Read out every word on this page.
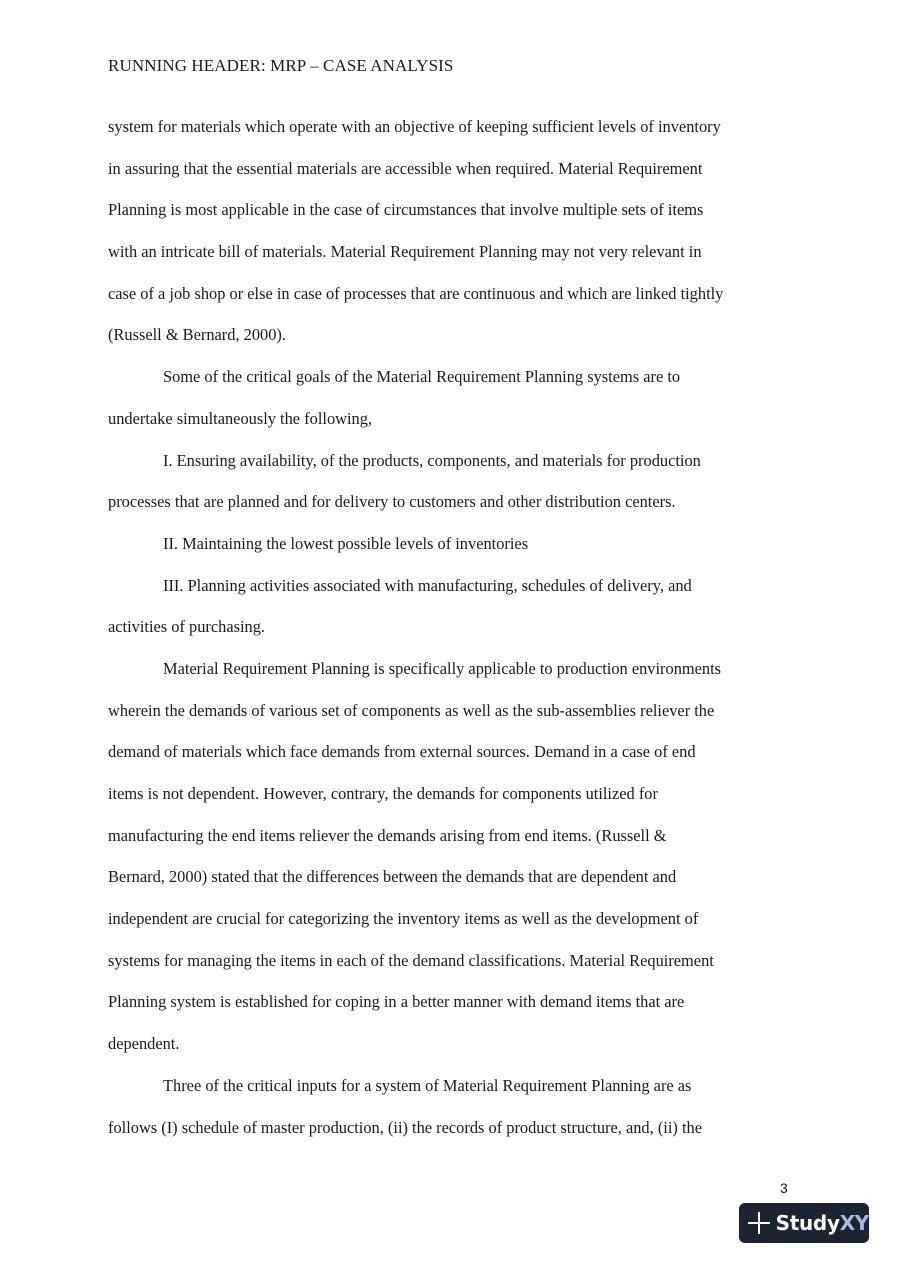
RUNNING HEADER: MRP – CASE ANALYSIS
system for materials which operate with an objective of keeping sufficient levels of inventory
in assuring that the essential materials are accessible when required. Material Requirement
Planning is most applicable in the case of circumstances that involve multiple sets of items
with an intricate bill of materials. Material Requirement Planning may not very relevant in
case of a job shop or else in case of processes that are continuous and which are linked tightly
(Russell & Bernard, 2000).
Some of the critical goals of the Material Requirement Planning systems are to
undertake simultaneously the following,
I. Ensuring availability, of the products, components, and materials for production
processes that are planned and for delivery to customers and other distribution centers.
II. Maintaining the lowest possible levels of inventories
III. Planning activities associated with manufacturing, schedules of delivery, and
activities of purchasing.
Material Requirement Planning is specifically applicable to production environments
wherein the demands of various set of components as well as the sub-assemblies reliever the
demand of materials which face demands from external sources. Demand in a case of end
items is not dependent. However, contrary, the demands for components utilized for
manufacturing the end items reliever the demands arising from end items. (Russell &
Bernard, 2000) stated that the differences between the demands that are dependent and
independent are crucial for categorizing the inventory items as well as the development of
systems for managing the items in each of the demand classifications. Material Requirement
Planning system is established for coping in a better manner with demand items that are
dependent.
Three of the critical inputs for a system of Material Requirement Planning are as
follows (I) schedule of master production, (ii) the records of product structure, and, (ii) the
3
StudyXY
